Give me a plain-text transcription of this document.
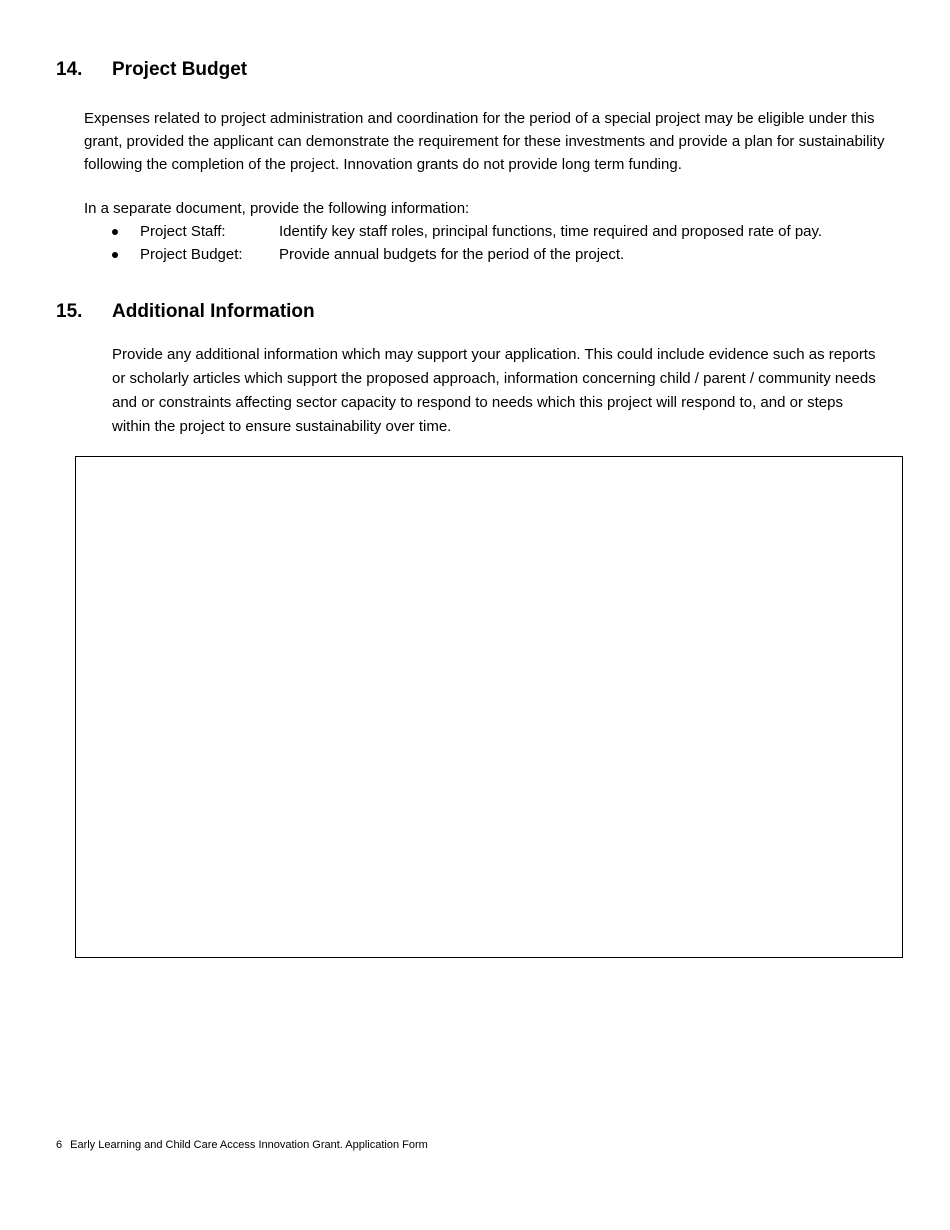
14. Project Budget
Expenses related to project administration and coordination for the period of a special project may be eligible under this grant, provided the applicant can demonstrate the requirement for these investments and provide a plan for sustainability following the completion of the project. Innovation grants do not provide long term funding.
In a separate document, provide the following information:
Project Staff:	Identify key staff roles, principal functions, time required and proposed rate of pay.
Project Budget: Provide annual budgets for the period of the project.
15. Additional Information
Provide any additional information which may support your application. This could include evidence such as reports or scholarly articles which support the proposed approach, information concerning child / parent / community needs and or constraints affecting sector capacity to respond to needs which this project will respond to, and or steps within the project to ensure sustainability over time.
6 Early Learning and Child Care Access Innovation Grant. Application Form
